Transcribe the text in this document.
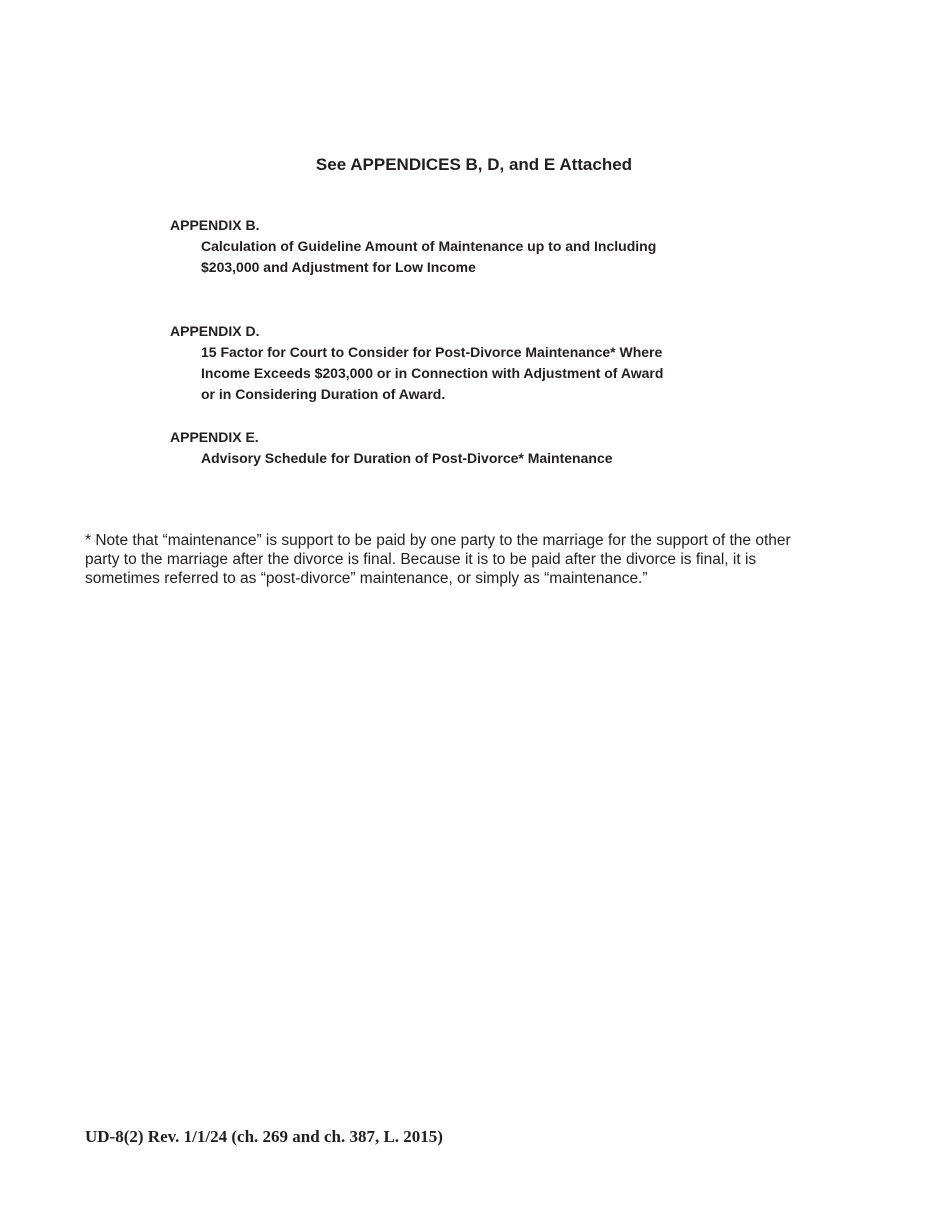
See APPENDICES B, D, and E Attached
APPENDIX B.
Calculation of Guideline Amount of Maintenance up to and Including
$203,000 and Adjustment for Low Income
APPENDIX D.
15 Factor for Court to Consider for Post-Divorce Maintenance* Where
Income Exceeds $203,000 or in Connection with Adjustment of Award
or in Considering Duration of Award.
APPENDIX E.
Advisory Schedule for Duration of Post-Divorce* Maintenance
* Note that “maintenance” is support to be paid by one party to the marriage for the support of the other
party to the marriage after the divorce is final. Because it is to be paid after the divorce is final, it is
sometimes referred to as “post-divorce” maintenance, or simply as “maintenance.”
UD-8(2) Rev. 1/1/24 (ch. 269 and ch. 387, L. 2015)
